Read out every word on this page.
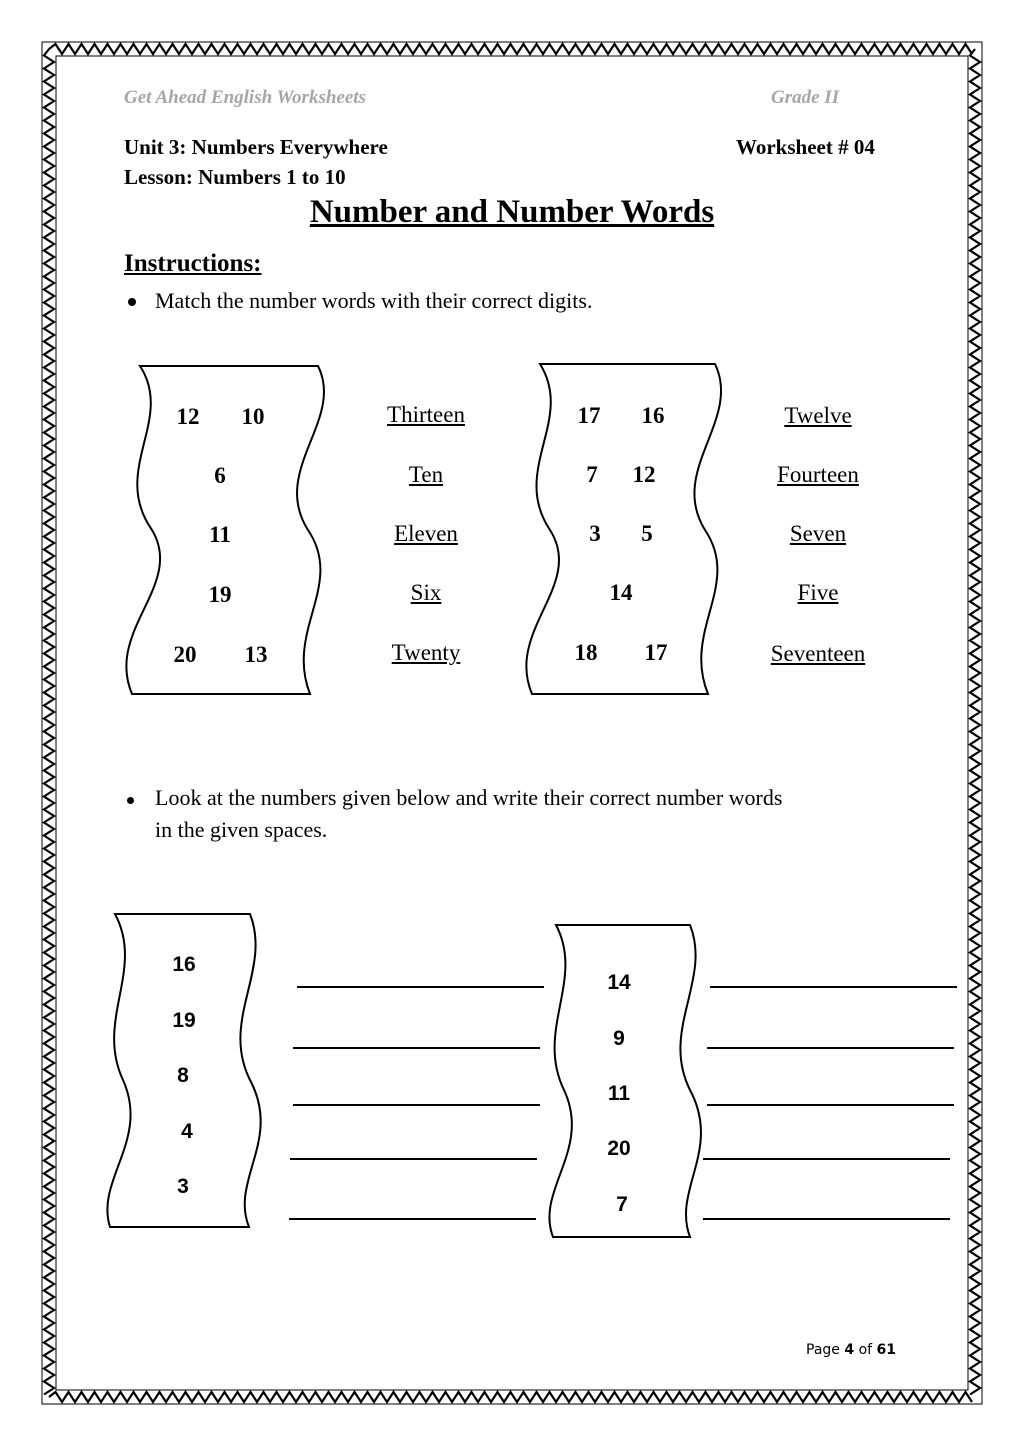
Get Ahead English Worksheets	Grade II
Unit 3: Numbers Everywhere	Worksheet # 04
Lesson: Numbers 1 to 10
Number and Number Words
Instructions:
Match the number words with their correct digits.
12	10
6
11
19
20	13
Thirteen
Ten
Eleven
Six
Twenty
17	16
7	12
3	5
14
18	17
Twelve
Fourteen
Seven
Five
Seventeen
Look at the numbers given below and write their correct number words
in the given spaces.
16
19
8
4
3
14
9
11
20
7
Page 4 of 61
